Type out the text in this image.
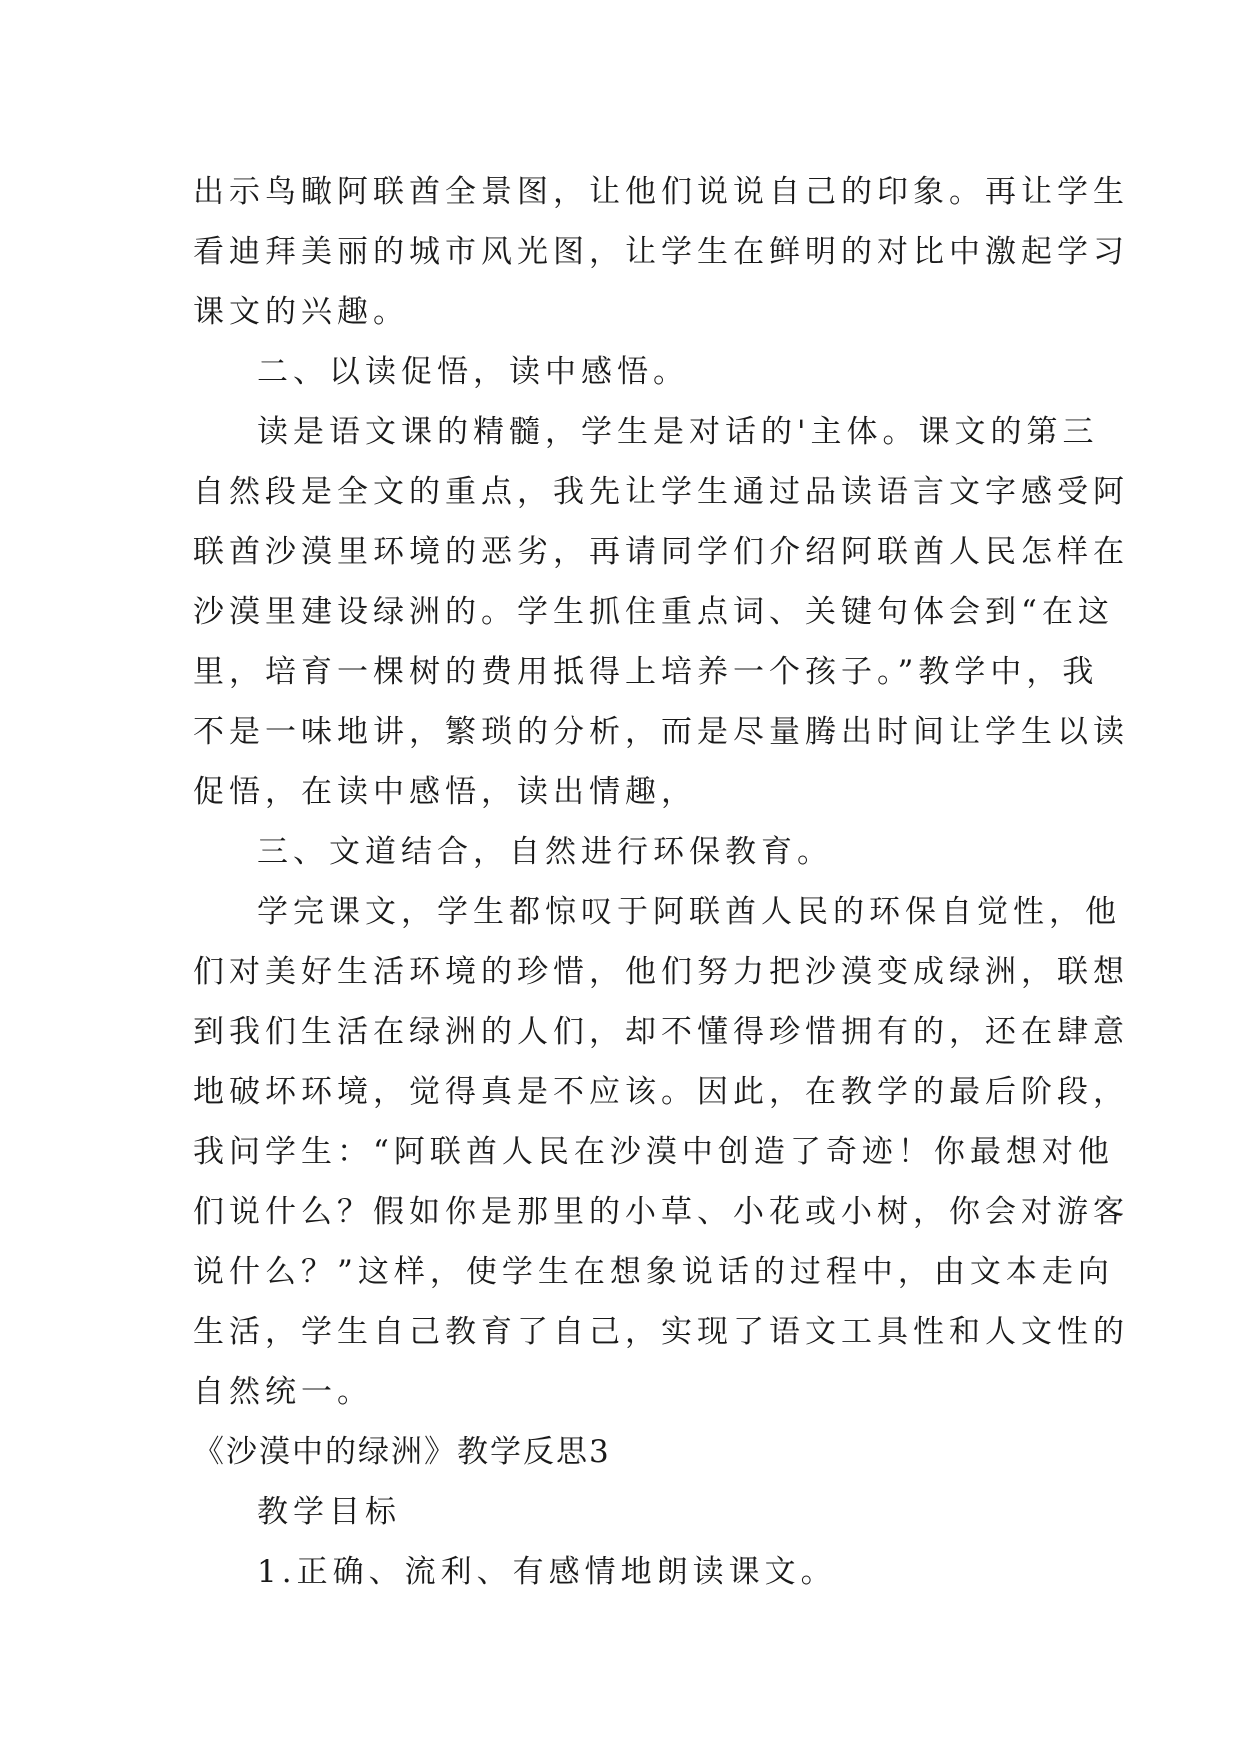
出示鸟瞰阿联酋全景图，让他们说说自己的印象。再让学生
看迪拜美丽的城市风光图，让学生在鲜明的对比中激起学习
课文的兴趣。
二、以读促悟，读中感悟。
读是语文课的精髓，学生是对话的'主体。课文的第三
自然段是全文的重点，我先让学生通过品读语言文字感受阿
联酋沙漠里环境的恶劣，再请同学们介绍阿联酋人民怎样在
沙漠里建设绿洲的。学生抓住重点词、关键句体会到“在这
里，培育一棵树的费用抵得上培养一个孩子。”教学中，我
不是一味地讲，繁琐的分析，而是尽量腾出时间让学生以读
促悟，在读中感悟，读出情趣，
三、文道结合，自然进行环保教育。
学完课文，学生都惊叹于阿联酋人民的环保自觉性，他
们对美好生活环境的珍惜，他们努力把沙漠变成绿洲，联想
到我们生活在绿洲的人们，却不懂得珍惜拥有的，还在肆意
地破坏环境，觉得真是不应该。因此，在教学的最后阶段，
我问学生：“阿联酋人民在沙漠中创造了奇迹！你最想对他
们说什么？假如你是那里的小草、小花或小树，你会对游客
说什么？”这样，使学生在想象说话的过程中，由文本走向
生活，学生自己教育了自己，实现了语文工具性和人文性的
自然统一。
《沙漠中的绿洲》教学反思3
教学目标
1.正确、流利、有感情地朗读课文。
